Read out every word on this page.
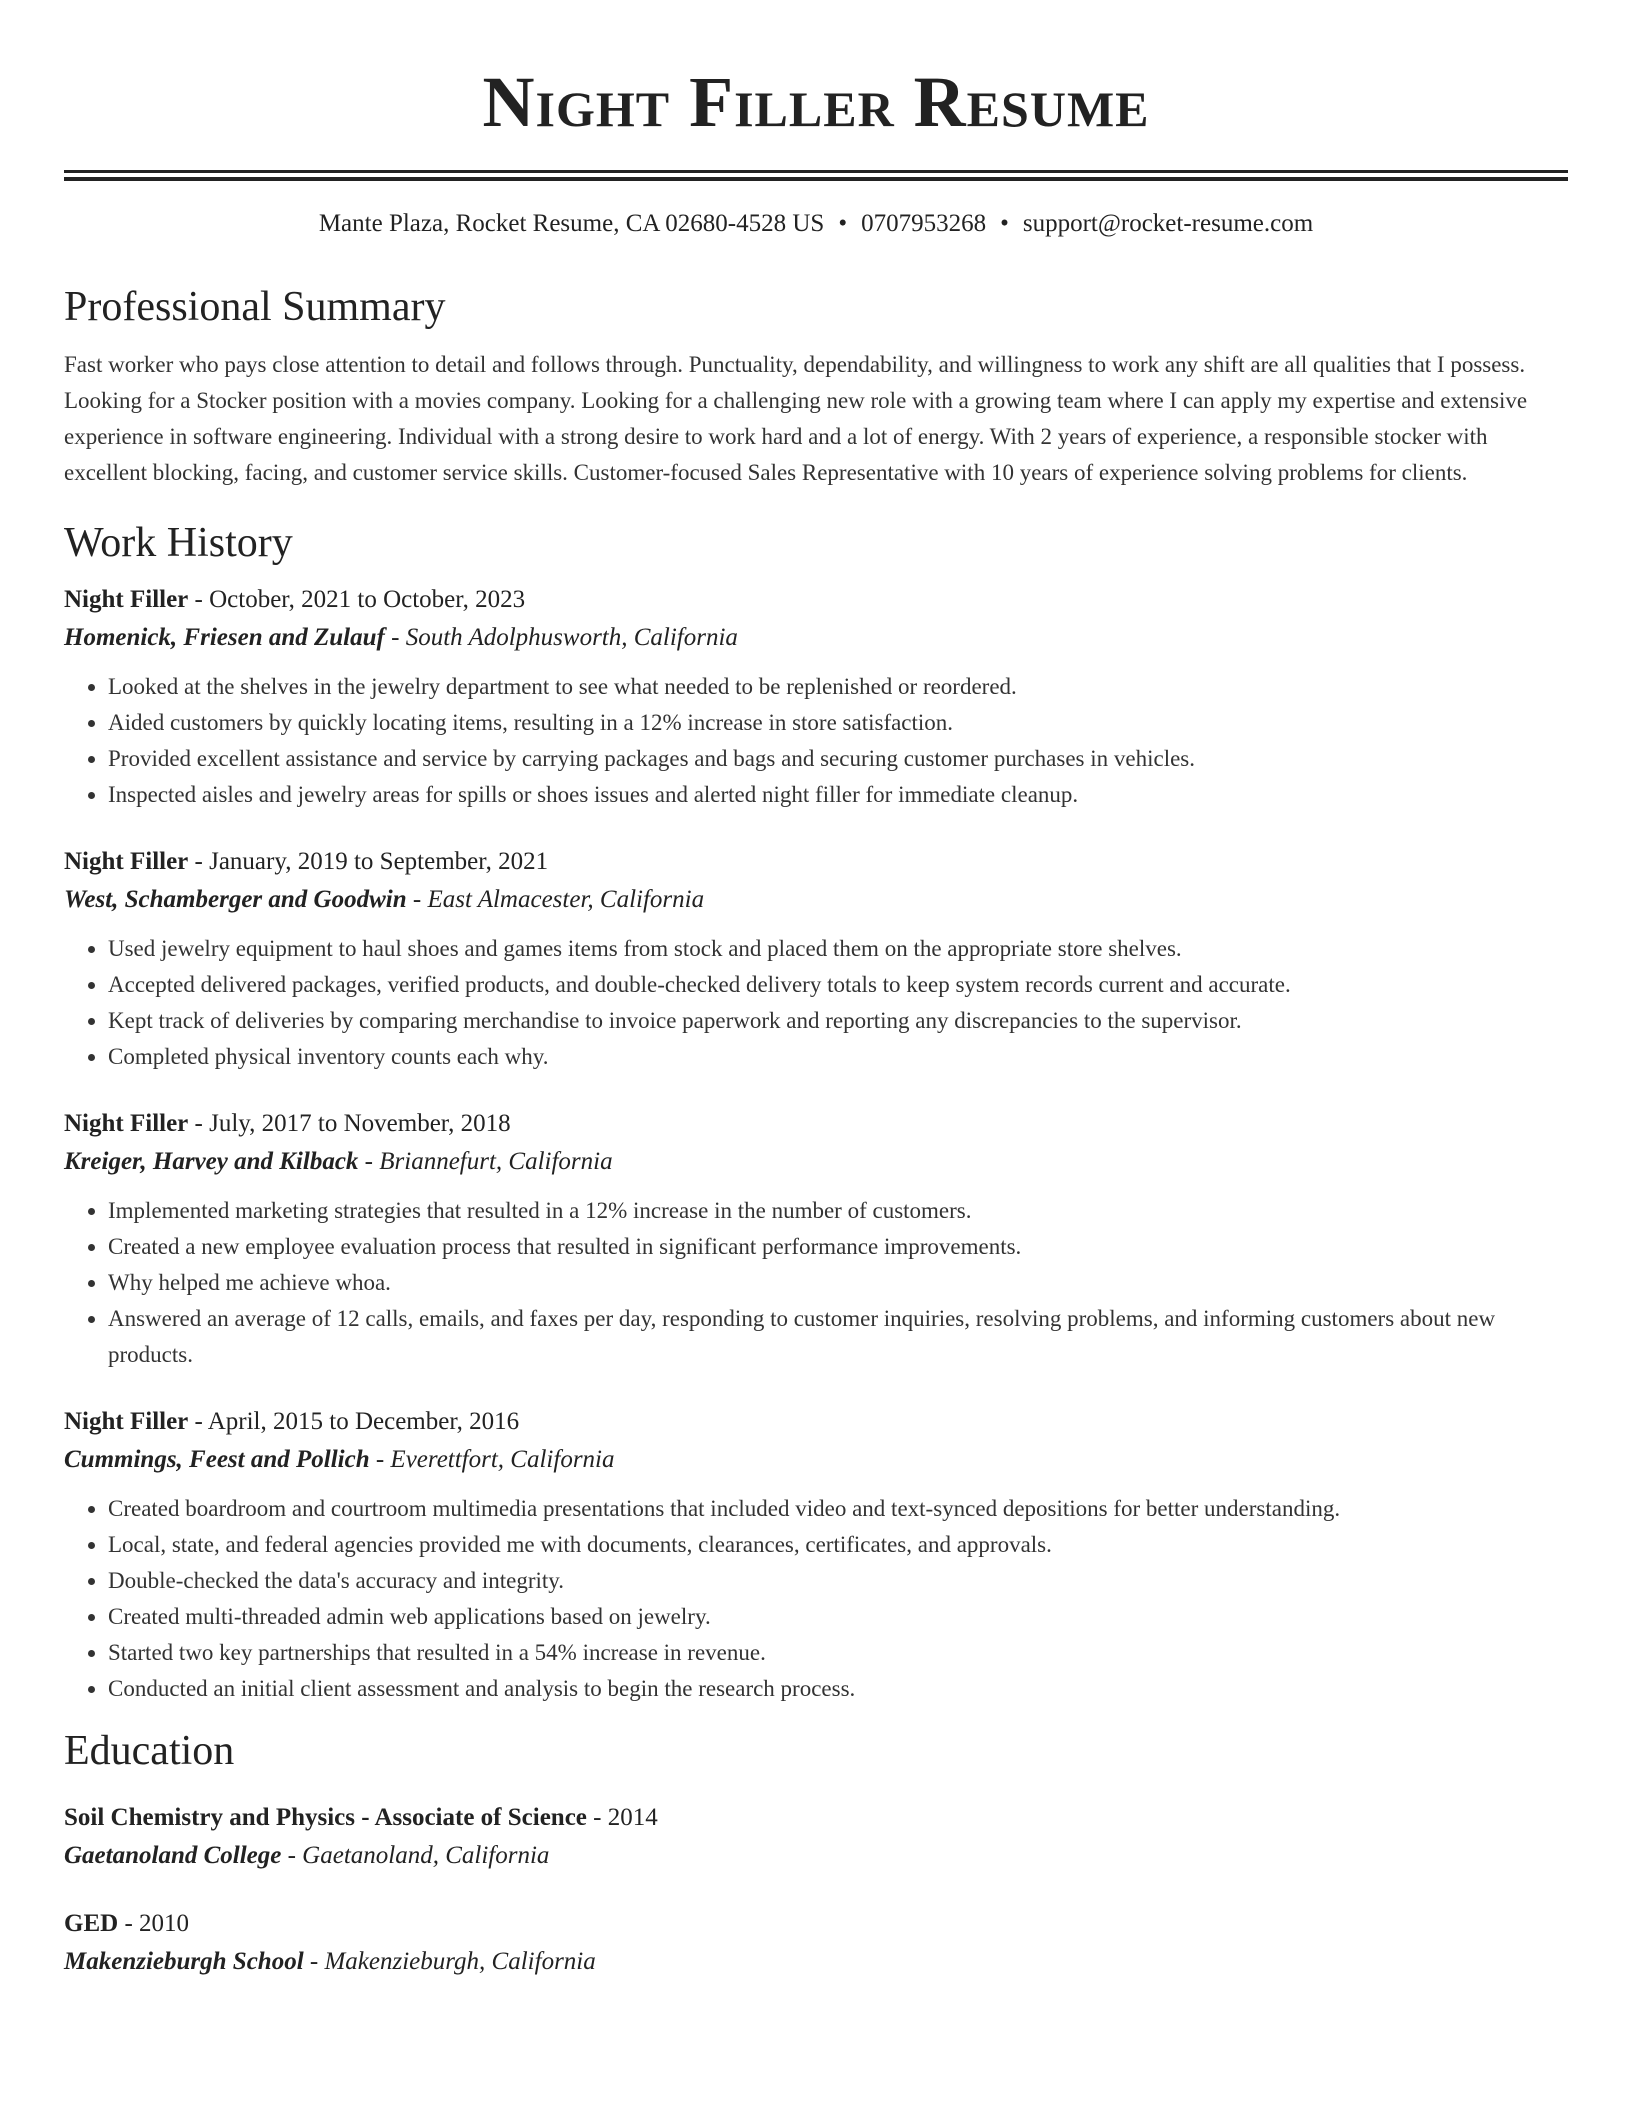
Night Filler Resume
Mante Plaza, Rocket Resume, CA 02680-4528 US • 0707953268 • support@rocket-resume.com
Professional Summary

Fast worker who pays close attention to detail and follows through. Punctuality, dependability, and willingness to work any shift are all qualities that I possess. Looking for a Stocker position with a movies company. Looking for a challenging new role with a growing team where I can apply my expertise and extensive experience in software engineering. Individual with a strong desire to work hard and a lot of energy. With 2 years of experience, a responsible stocker with excellent blocking, facing, and customer service skills. Customer-focused Sales Representative with 10 years of experience solving problems for clients.

Work History
Night Filler - October, 2021 to October, 2023
Homenick, Friesen and Zulauf - South Adolphusworth, California
• Looked at the shelves in the jewelry department to see what needed to be replenished or reordered.
• Aided customers by quickly locating items, resulting in a 12% increase in store satisfaction.
• Provided excellent assistance and service by carrying packages and bags and securing customer purchases in vehicles.
• Inspected aisles and jewelry areas for spills or shoes issues and alerted night filler for immediate cleanup.
Night Filler - January, 2019 to September, 2021
West, Schamberger and Goodwin - East Almacester, California
• Used jewelry equipment to haul shoes and games items from stock and placed them on the appropriate store shelves.
• Accepted delivered packages, verified products, and double-checked delivery totals to keep system records current and accurate.
• Kept track of deliveries by comparing merchandise to invoice paperwork and reporting any discrepancies to the supervisor.
• Completed physical inventory counts each why.
Night Filler - July, 2017 to November, 2018
Kreiger, Harvey and Kilback - Briannefurt, California
• Implemented marketing strategies that resulted in a 12% increase in the number of customers.
• Created a new employee evaluation process that resulted in significant performance improvements.
• Why helped me achieve whoa.
• Answered an average of 12 calls, emails, and faxes per day, responding to customer inquiries, resolving problems, and informing customers about new products.
Night Filler - April, 2015 to December, 2016
Cummings, Feest and Pollich - Everettfort, California
• Created boardroom and courtroom multimedia presentations that included video and text-synced depositions for better understanding.
• Local, state, and federal agencies provided me with documents, clearances, certificates, and approvals.
• Double-checked the data's accuracy and integrity.
• Created multi-threaded admin web applications based on jewelry.
• Started two key partnerships that resulted in a 54% increase in revenue.
• Conducted an initial client assessment and analysis to begin the research process.
Education
Soil Chemistry and Physics - Associate of Science - 2014
Gaetanoland College - Gaetanoland, California
GED - 2010
Makenzieburgh School - Makenzieburgh, California
